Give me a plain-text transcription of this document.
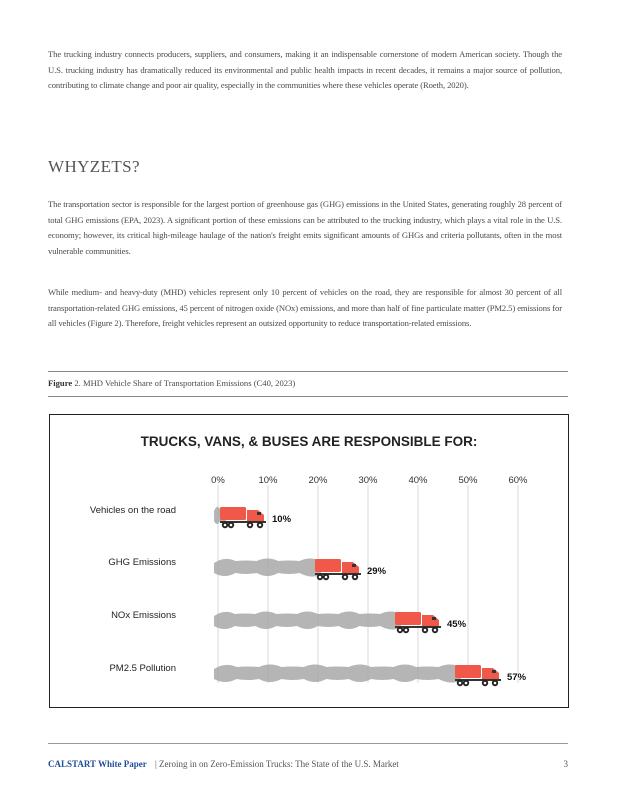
The trucking industry connects producers, suppliers, and consumers, making it an indispensable cornerstone of modern American society. Though the U.S. trucking industry has dramatically reduced its environmental and public health impacts in recent decades, it remains a major source of pollution, contributing to climate change and poor air quality, especially in the communities where these vehicles operate (Roeth, 2020).
WHYZETS?
The transportation sector is responsible for the largest portion of greenhouse gas (GHG) emissions in the United States, generating roughly 28 percent of total GHG emissions (EPA, 2023). A significant portion of these emissions can be attributed to the trucking industry, which plays a vital role in the U.S. economy; however, its critical high-mileage haulage of the nation's freight emits significant amounts of GHGs and criteria pollutants, often in the most vulnerable communities.
While medium- and heavy-duty (MHD) vehicles represent only 10 percent of vehicles on the road, they are responsible for almost 30 percent of all transportation-related GHG emissions, 45 percent of nitrogen oxide (NOx) emissions, and more than half of fine particulate matter (PM2.5) emissions for all vehicles (Figure 2). Therefore, freight vehicles represent an outsized opportunity to reduce transportation-related emissions.
Figure 2. MHD Vehicle Share of Transportation Emissions (C40, 2023)
TRUCKS, VANS, & BUSES ARE RESPONSIBLE FOR:
0%	10%	20%	30%	40%	50%	60%
Vehicles on the road
10%
GHG Emissions
29%
NOx Emissions
45%
PM2.5 Pollution
57%
CALSTART White Paper | Zeroing in on Zero-Emission Trucks: The State of the U.S. Market	3
